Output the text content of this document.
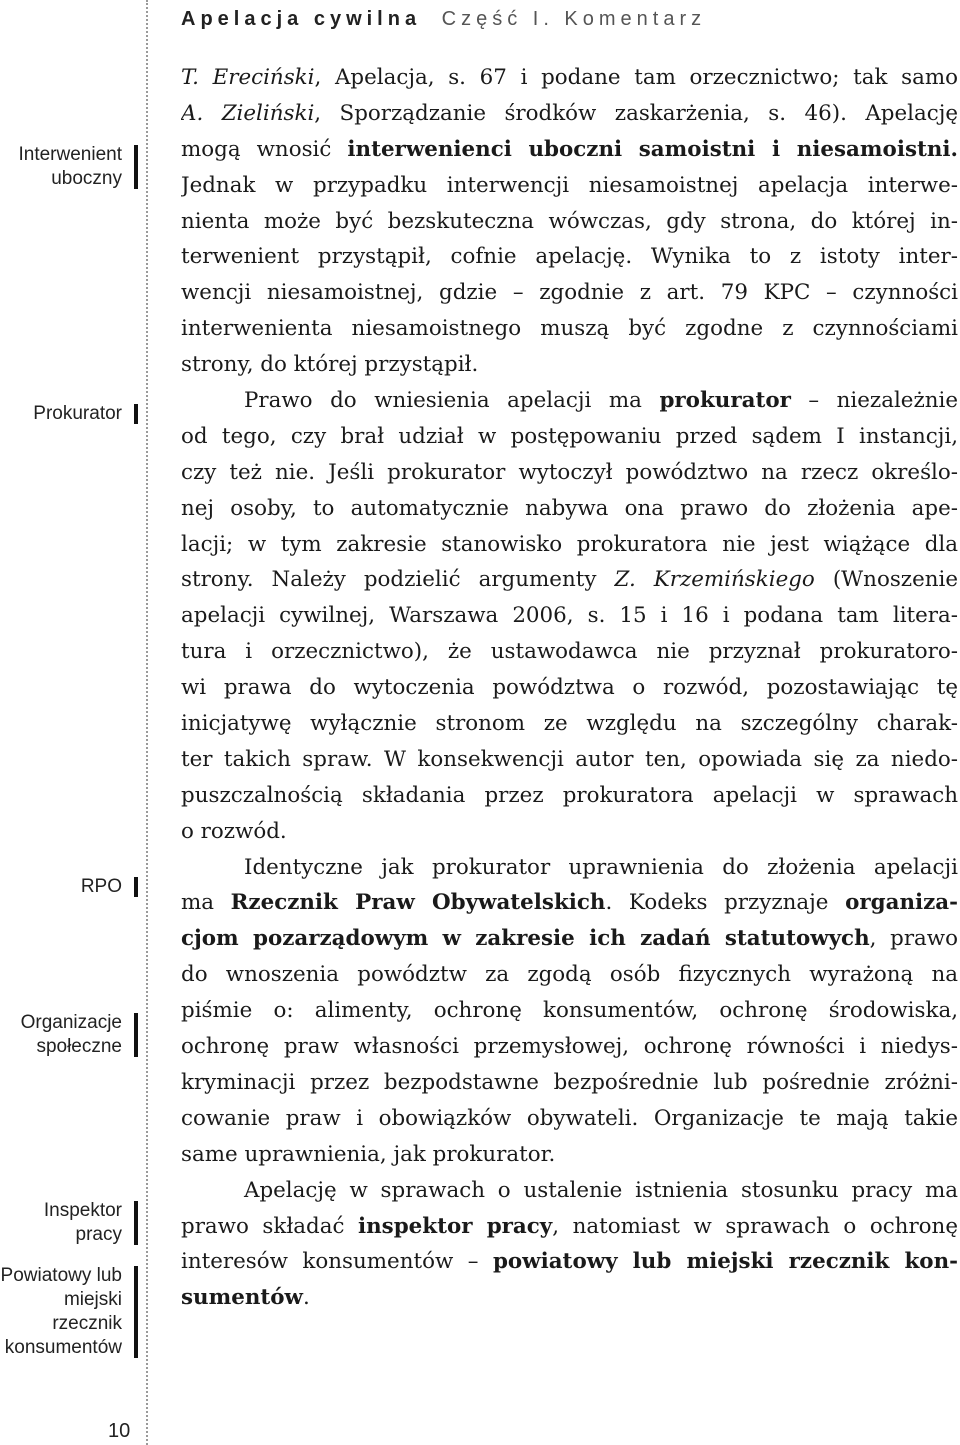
Apelacja cywilna Część I. Komentarz
Interwenient
uboczny
Prokurator
RPO
Organizacje
społeczne
Inspektor pracy
Powiatowy lub
miejski rzecznik
konsumentów
T. Ereciński, Apelacja, s. 67 i podane tam orzecznictwo; tak samo
A. Zieliński, Sporządzanie środków zaskarżenia, s. 46). Apelację
mogą wnosić interwenienci uboczni samoistni i niesamoistni.
Jednak w przypadku interwencji niesamoistnej apelacja interwe-
nienta może być bezskuteczna wówczas, gdy strona, do której in-
terwenient przystąpił, cofnie apelację. Wynika to z istoty inter-
wencji niesamoistnej, gdzie – zgodnie z art. 79 KPC – czynności
interwenienta niesamoistnego muszą być zgodne z czynnościami
strony, do której przystąpił.
Prawo do wniesienia apelacji ma prokurator – niezależnie
od tego, czy brał udział w postępowaniu przed sądem I instancji,
czy też nie. Jeśli prokurator wytoczył powództwo na rzecz określo-
nej osoby, to automatycznie nabywa ona prawo do złożenia ape-
lacji; w tym zakresie stanowisko prokuratora nie jest wiążące dla
strony. Należy podzielić argumenty Z. Krzemińskiego (Wnoszenie
apelacji cywilnej, Warszawa 2006, s. 15 i 16 i podana tam litera-
tura i orzecznictwo), że ustawodawca nie przyznał prokuratoro-
wi prawa do wytoczenia powództwa o rozwód, pozostawiając tę
inicjatywę wyłącznie stronom ze względu na szczególny charak-
ter takich spraw. W konsekwencji autor ten, opowiada się za niedo-
puszczalnością składania przez prokuratora apelacji w sprawach
o rozwód.
Identyczne jak prokurator uprawnienia do złożenia apelacji
ma Rzecznik Praw Obywatelskich. Kodeks przyznaje organiza-
cjom pozarządowym w zakresie ich zadań statutowych, prawo
do wnoszenia powództw za zgodą osób fizycznych wyrażoną na
piśmie o: alimenty, ochronę konsumentów, ochronę środowiska,
ochronę praw własności przemysłowej, ochronę równości i niedys-
kryminacji przez bezpodstawne bezpośrednie lub pośrednie zróżni-
cowanie praw i obowiązków obywateli. Organizacje te mają takie
same uprawnienia, jak prokurator.
Apelację w sprawach o ustalenie istnienia stosunku pracy ma
prawo składać inspektor pracy, natomiast w sprawach o ochronę
interesów konsumentów – powiatowy lub miejski rzecznik kon-
sumentów.
10
